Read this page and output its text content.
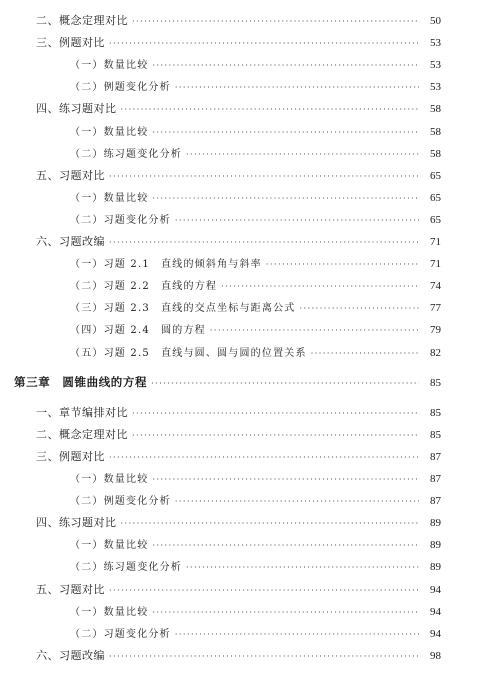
二、概念定理对比 ·····	50
三、例题对比 ·····	53
（一）数量比较 ·····	53
（二）例题变化分析 ·····	53
四、练习题对比 ·····	58
（一）数量比较 ·····	58
（二）练习题变化分析 ·····	58
五、习题对比 ·····	65
（一）数量比较 ·····	65
（二）习题变化分析 ·····	65
六、习题改编 ·····	71
（一）习题 2.1　直线的倾斜角与斜率 ·····	71
（二）习题 2.2　直线的方程 ·····	74
（三）习题 2.3　直线的交点坐标与距离公式 ·····	77
（四）习题 2.4　圆的方程 ·····	79
（五）习题 2.5　直线与圆、圆与圆的位置关系 ·····	82
第三章　圆锥曲线的方程 ·····	85
一、章节编排对比 ·····	85
二、概念定理对比 ·····	85
三、例题对比 ·····	87
（一）数量比较 ·····	87
（二）例题变化分析 ·····	87
四、练习题对比 ·····	89
（一）数量比较 ·····	89
（二）练习题变化分析 ·····	89
五、习题对比 ·····	94
（一）数量比较 ·····	94
（二）习题变化分析 ·····	94
六、习题改编 ·····	98
